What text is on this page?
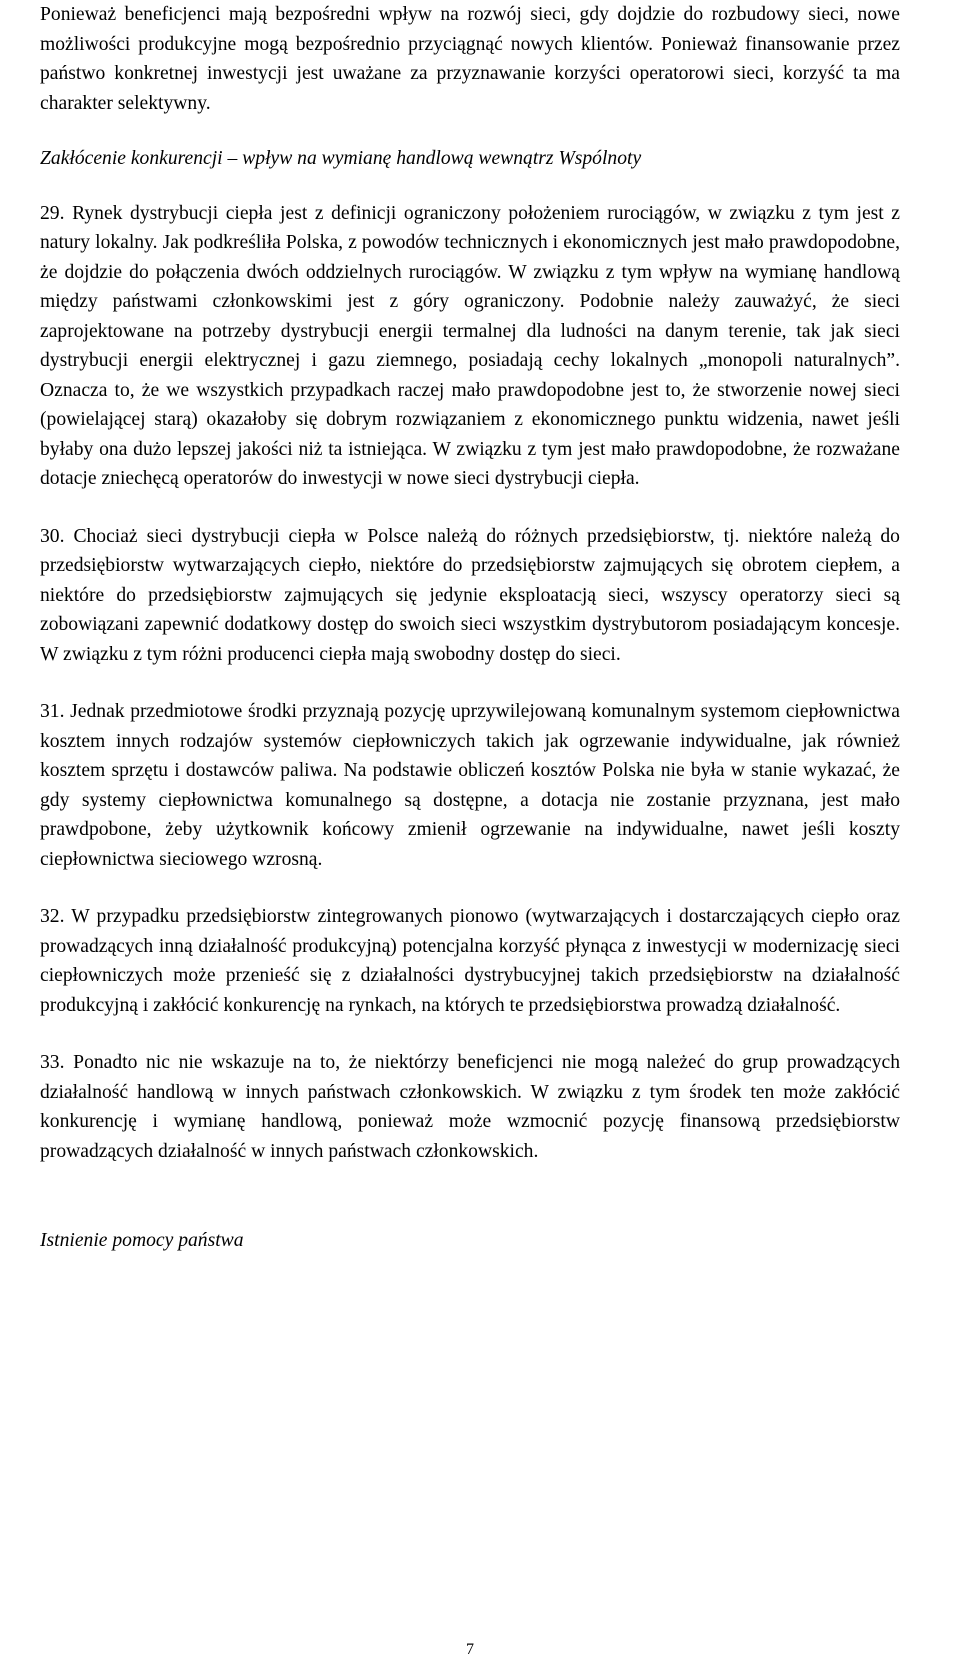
Ponieważ beneficjenci mają bezpośredni wpływ na rozwój sieci, gdy dojdzie do rozbudowy sieci, nowe możliwości produkcyjne mogą bezpośrednio przyciągnąć nowych klientów. Ponieważ finansowanie przez państwo konkretnej inwestycji jest uważane za przyznawanie korzyści operatorowi sieci, korzyść ta ma charakter selektywny.

Zakłócenie konkurencji – wpływ na wymianę handlową wewnątrz Wspólnoty

29. Rynek dystrybucji ciepła jest z definicji ograniczony położeniem rurociągów, w związku z tym jest z natury lokalny. Jak podkreśliła Polska, z powodów technicznych i ekonomicznych jest mało prawdopodobne, że dojdzie do połączenia dwóch oddzielnych rurociągów. W związku z tym wpływ na wymianę handlową między państwami członkowskimi jest z góry ograniczony. Podobnie należy zauważyć, że sieci zaprojektowane na potrzeby dystrybucji energii termalnej dla ludności na danym terenie, tak jak sieci dystrybucji energii elektrycznej i gazu ziemnego, posiadają cechy lokalnych „monopoli naturalnych”. Oznacza to, że we wszystkich przypadkach raczej mało prawdopodobne jest to, że stworzenie nowej sieci (powielającej starą) okazałoby się dobrym rozwiązaniem z ekonomicznego punktu widzenia, nawet jeśli byłaby ona dużo lepszej jakości niż ta istniejąca. W związku z tym jest mało prawdopodobne, że rozważane dotacje zniechęcą operatorów do inwestycji w nowe sieci dystrybucji ciepła.
30. Chociaż sieci dystrybucji ciepła w Polsce należą do różnych przedsiębiorstw, tj. niektóre należą do przedsiębiorstw wytwarzających ciepło, niektóre do przedsiębiorstw zajmujących się obrotem ciepłem, a niektóre do przedsiębiorstw zajmujących się jedynie eksploatacją sieci, wszyscy operatorzy sieci są zobowiązani zapewnić dodatkowy dostęp do swoich sieci wszystkim dystrybutorom posiadającym koncesje. W związku z tym różni producenci ciepła mają swobodny dostęp do sieci.
31. Jednak przedmiotowe środki przyznają pozycję uprzywilejowaną komunalnym systemom ciepłownictwa kosztem innych rodzajów systemów ciepłowniczych takich jak ogrzewanie indywidualne, jak również kosztem sprzętu i dostawców paliwa. Na podstawie obliczeń kosztów Polska nie była w stanie wykazać, że gdy systemy ciepłownictwa komunalnego są dostępne, a dotacja nie zostanie przyznana, jest mało prawdpobone, żeby użytkownik końcowy zmienił ogrzewanie na indywidualne, nawet jeśli koszty ciepłownictwa sieciowego wzrosną.
32. W przypadku przedsiębiorstw zintegrowanych pionowo (wytwarzających i dostarczających ciepło oraz prowadzących inną działalność produkcyjną) potencjalna korzyść płynąca z inwestycji w modernizację sieci ciepłowniczych może przenieść się z działalności dystrybucyjnej takich przedsiębiorstw na działalność produkcyjną i zakłócić konkurencję na rynkach, na których te przedsiębiorstwa prowadzą działalność.
33. Ponadto nic nie wskazuje na to, że niektórzy beneficjenci nie mogą należeć do grup prowadzących działalność handlową w innych państwach członkowskich. W związku z tym środek ten może zakłócić konkurencję i wymianę handlową, ponieważ może wzmocnić pozycję finansową przedsiębiorstw prowadzących działalność w innych państwach członkowskich.

Istnienie pomocy państwa

7
